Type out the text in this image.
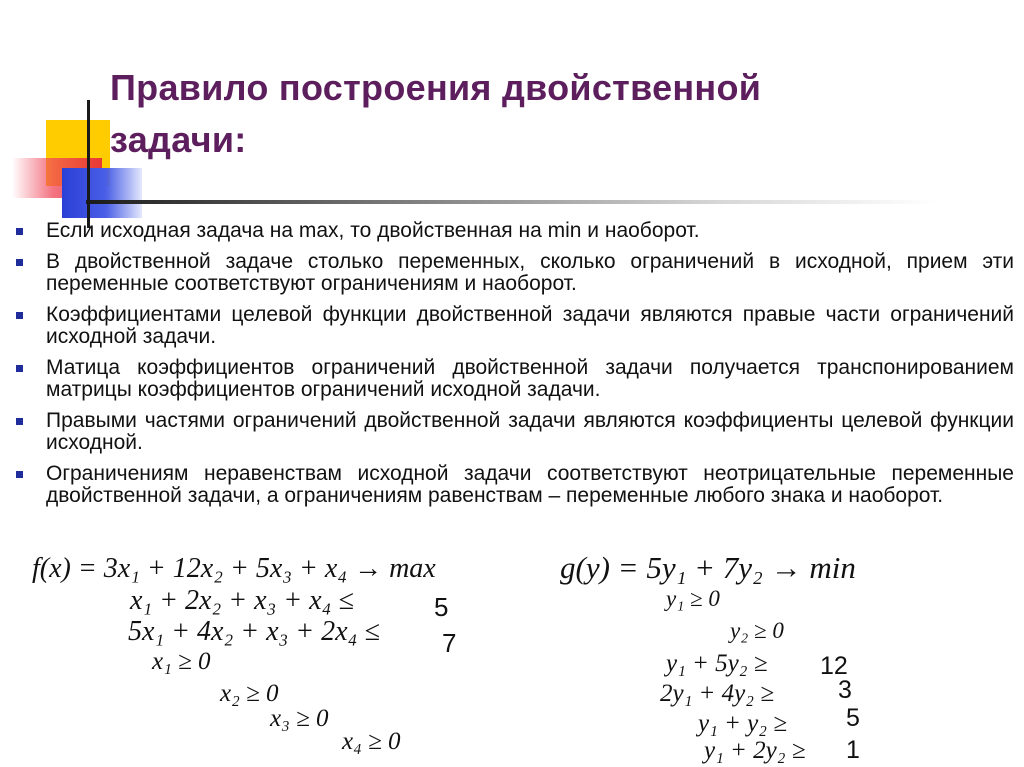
Правило построения двойственной задачи:
Если исходная задача на max, то двойственная на min и наоборот.
В двойственной задаче столько переменных, сколько ограничений в исходной, прием эти переменные соответствуют ограничениям и наоборот.
Коэффициентами целевой функции двойственной задачи являются правые части ограничений исходной задачи.
Матица коэффициентов ограничений двойственной задачи получается транспонированием матрицы коэффициентов ограничений исходной задачи.
Правыми частями ограничений двойственной задачи являются коэффициенты целевой функции исходной.
Ограничениям неравенствам исходной задачи соответствуют неотрицательные переменные двойственной задачи, а ограничениям равенствам – переменные любого знака и наоборот.
f(x) = 3x₁ + 12x₂ + 5x₃ + x₄ → max
x₁ + 2x₂ + x₃ + x₄ ≤	5
5x₁ + 4x₂ + x₃ + 2x₄ ≤ 7
x₁ ≥ 0
x₂ ≥ 0
x₃ ≥ 0
x₄ ≥ 0
g(y) = 5y₁ + 7y₂ → min
y₁ ≥ 0
y₂ ≥ 0
y₁ + 5y₂ ≥ 12
2y₁ + 4y₂ ≥	3
y₁ + y₂ ≥ 5
y₁ + 2y₂ ≥ 1
